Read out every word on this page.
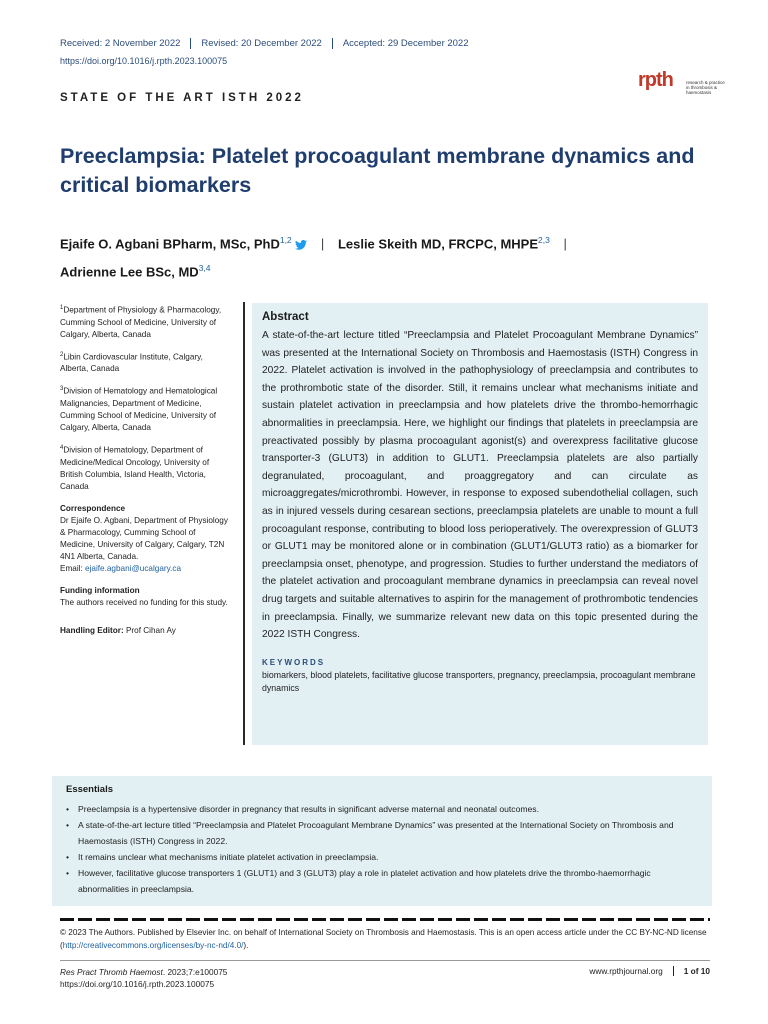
Received: 2 November 2022	Revised: 20 December 2022	Accepted: 29 December 2022
https://doi.org/10.1016/j.rpth.2023.100075
rpth	research & practice in thrombosis & haemostasis
STATE OF THE ART ISTH 2022
Preeclampsia: Platelet procoagulant membrane dynamics and critical biomarkers
Ejaife O. Agbani BPharm, MSc, PhD$^{1,2}$ | Leslie Skeith MD, FRCPC, MHPE$^{2,3}$ |
Adrienne Lee BSc, MD$^{3,4}$
$^1$Department of Physiology & Pharmacology, Cumming School of Medicine, University of Calgary, Alberta, Canada
$^2$Libin Cardiovascular Institute, Calgary, Alberta, Canada
$^3$Division of Hematology and Hematological Malignancies, Department of Medicine, Cumming School of Medicine, University of Calgary, Alberta, Canada
$^4$Division of Hematology, Department of Medicine/Medical Oncology, University of British Columbia, Island Health, Victoria, Canada
Correspondence
Dr Ejaife O. Agbani, Department of Physiology & Pharmacology, Cumming School of Medicine, University of Calgary, Calgary, T2N 4N1 Alberta, Canada.
Email: ejaife.agbani@ucalgary.ca
Funding information
The authors received no funding for this study.
Handling Editor: Prof Cihan Ay
Abstract

A state-of-the-art lecture titled “Preeclampsia and Platelet Procoagulant Membrane Dynamics” was presented at the International Society on Thrombosis and Haemostasis (ISTH) Congress in 2022. Platelet activation is involved in the pathophysiology of preeclampsia and contributes to the prothrombotic state of the disorder. Still, it remains unclear what mechanisms initiate and sustain platelet activation in preeclampsia and how platelets drive the thrombo-hemorrhagic abnormalities in preeclampsia. Here, we highlight our findings that platelets in preeclampsia are preactivated possibly by plasma procoagulant agonist(s) and overexpress facilitative glucose transporter-3 (GLUT3) in addition to GLUT1. Preeclampsia platelets are also partially degranulated, procoagulant, and proaggregatory and can circulate as microaggregates/microthrombi. However, in response to exposed subendothelial collagen, such as in injured vessels during cesarean sections, preeclampsia platelets are unable to mount a full procoagulant response, contributing to blood loss perioperatively. The overexpression of GLUT3 or GLUT1 may be monitored alone or in combination (GLUT1/GLUT3 ratio) as a biomarker for preeclampsia onset, phenotype, and progression. Studies to further understand the mediators of the platelet activation and procoagulant membrane dynamics in preeclampsia can reveal novel drug targets and suitable alternatives to aspirin for the management of prothrombotic tendencies in preeclampsia. Finally, we summarize relevant new data on this topic presented during the 2022 ISTH Congress.

KEYWORDS
biomarkers, blood platelets, facilitative glucose transporters, pregnancy, preeclampsia, procoagulant membrane dynamics
Essentials
• Preeclampsia is a hypertensive disorder in pregnancy that results in significant adverse maternal and neonatal outcomes.
• A state-of-the-art lecture titled “Preeclampsia and Platelet Procoagulant Membrane Dynamics” was presented at the International Society on Thrombosis and Haemostasis (ISTH) Congress in 2022.
• It remains unclear what mechanisms initiate platelet activation in preeclampsia.
• However, facilitative glucose transporters 1 (GLUT1) and 3 (GLUT3) play a role in platelet activation and how platelets drive the thrombo-haemorrhagic abnormalities in preeclampsia.
© 2023 The Authors. Published by Elsevier Inc. on behalf of International Society on Thrombosis and Haemostasis. This is an open access article under the CC BY-NC-ND license (http://creativecommons.org/licenses/by-nc-nd/4.0/).
Res Pract Thromb Haemost. 2023;7:e100075
https://doi.org/10.1016/j.rpth.2023.100075
www.rpthjournal.org	1 of 10
